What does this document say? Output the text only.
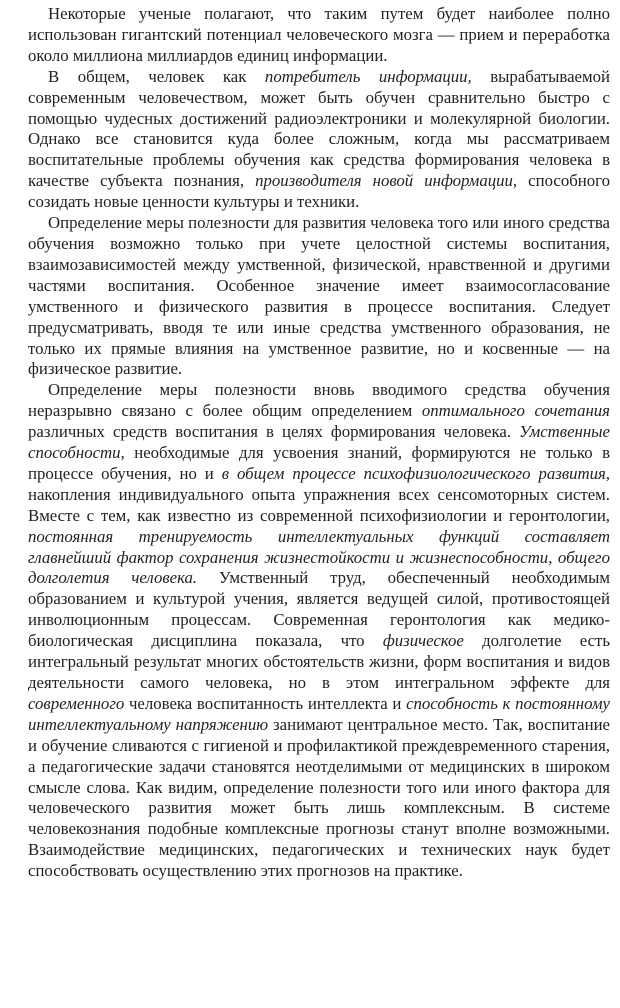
Некоторые ученые полагают, что таким путем будет наиболее полно использован гигантский потенциал человеческого мозга — прием и переработка около миллиона миллиардов единиц информации.

В общем, человек как потребитель информации, вырабатываемой современным человечеством, может быть обучен сравнительно быстро с помощью чудесных достижений радиоэлектроники и молекулярной биологии. Однако все становится куда более сложным, когда мы рассматриваем воспитательные проблемы обучения как средства формирования человека в качестве субъекта познания, производителя новой информации, способного созидать новые ценности культуры и техники.

Определение меры полезности для развития человека того или иного средства обучения возможно только при учете целостной системы воспитания, взаимозависимостей между умственной, физической, нравственной и другими частями воспитания. Особенное значение имеет взаимосогласование умственного и физического развития в процессе воспитания. Следует предусматривать, вводя те или иные средства умственного образования, не только их прямые влияния на умственное развитие, но и косвенные — на физическое развитие.

Определение меры полезности вновь вводимого средства обучения неразрывно связано с более общим определением оптимального сочетания различных средств воспитания в целях формирования человека. Умственные способности, необходимые для усвоения знаний, формируются не только в процессе обучения, но и в общем процессе психофизиологического развития, накопления индивидуального опыта упражнения всех сенсомоторных систем. Вместе с тем, как известно из современной психофизиологии и геронтологии, постоянная тренируемость интеллектуальных функций составляет главнейший фактор сохранения жизнестойкости и жизнеспособности, общего долголетия человека. Умственный труд, обеспеченный необходимым образованием и культурой учения, является ведущей силой, противостоящей инволюционным процессам. Современная геронтология как медико-биологическая дисциплина показала, что физическое долголетие есть интегральный результат многих обстоятельств жизни, форм воспитания и видов деятельности самого человека, но в этом интегральном эффекте для современного человека воспитанность интеллекта и способность к постоянному интеллектуальному напряжению занимают центральное место. Так, воспитание и обучение сливаются с гигиеной и профилактикой преждевременного старения, а педагогические задачи становятся неотделимыми от медицинских в широком смысле слова. Как видим, определение полезности того или иного фактора для человеческого развития может быть лишь комплексным. В системе человекознания подобные комплексные прогнозы станут вполне возможными. Взаимодействие медицинских, педагогических и технических наук будет способствовать осуществлению этих прогнозов на практике.
